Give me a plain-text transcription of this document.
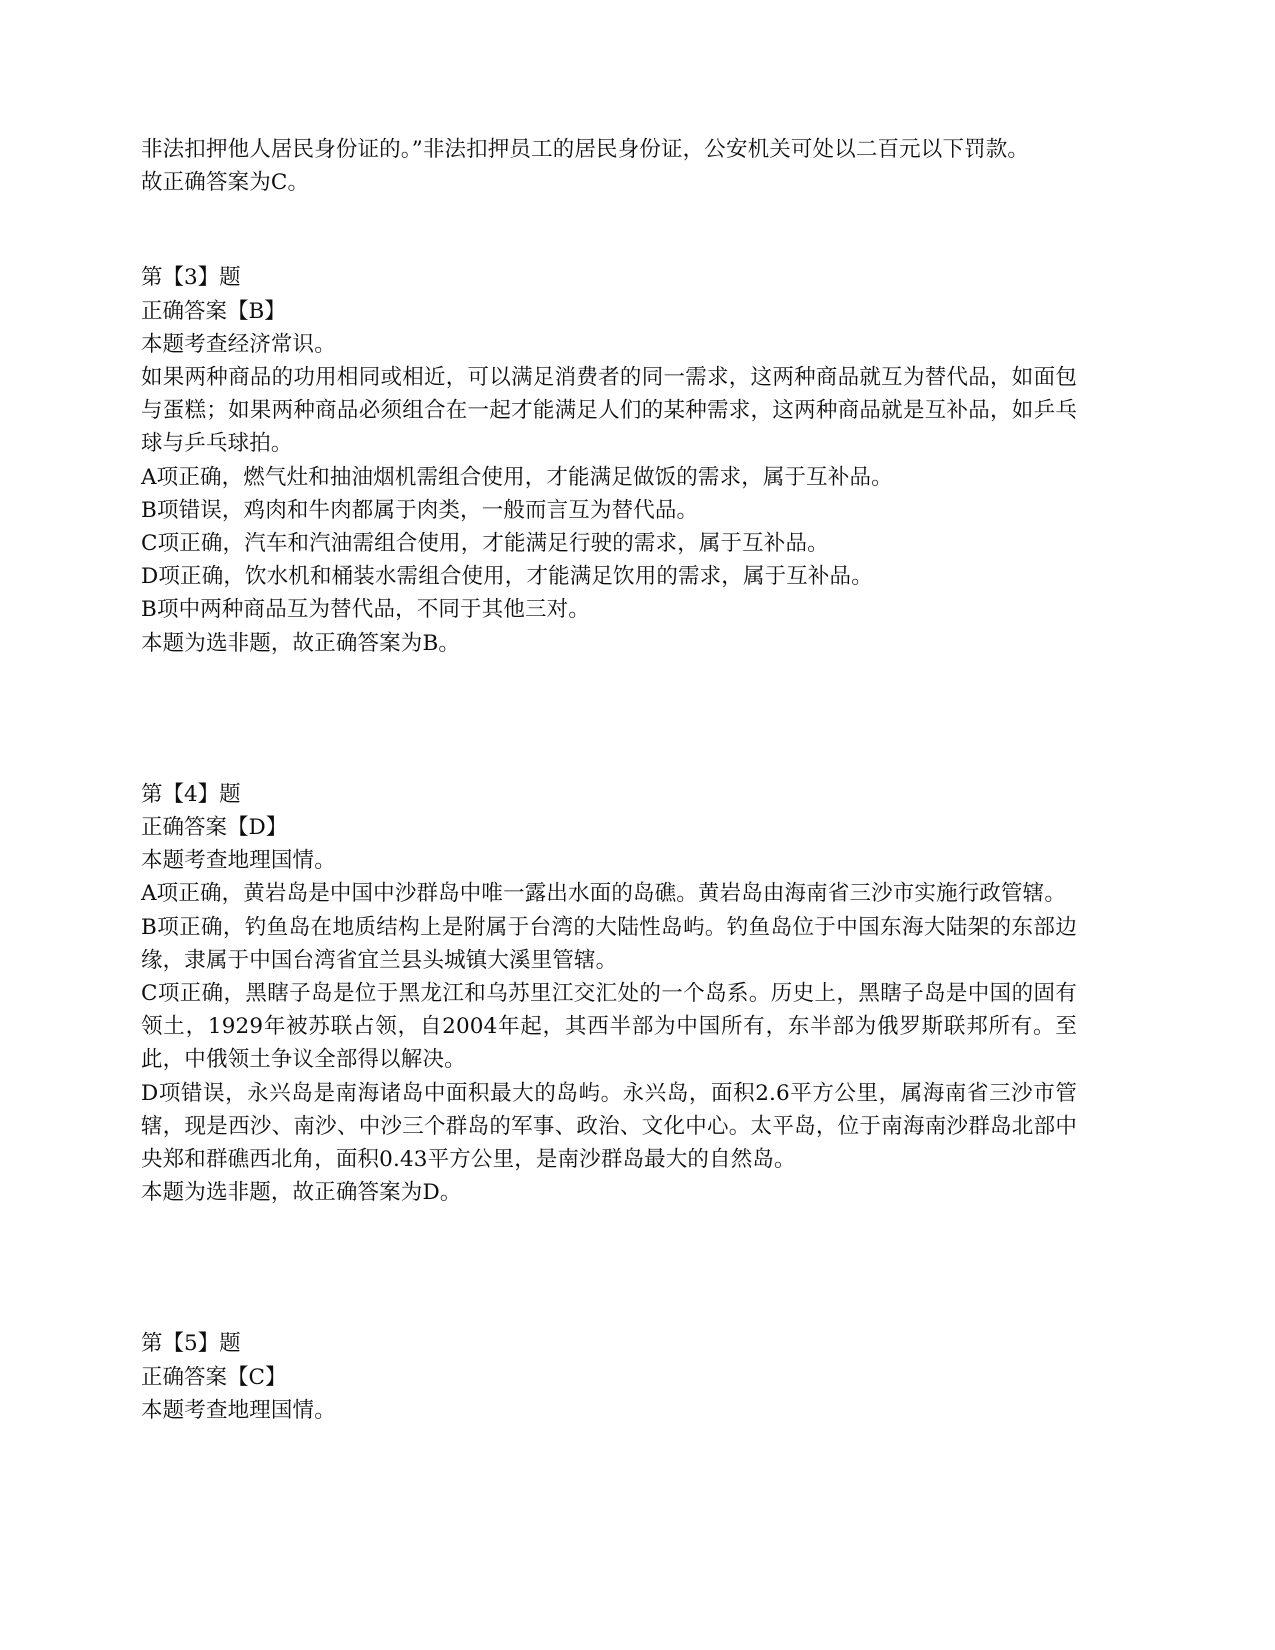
非法扣押他人居民身份证的。”非法扣押员工的居民身份证，公安机关可处以二百元以下罚款。

故正确答案为C。

第【3】题

正确答案【B】

本题考查经济常识。

如果两种商品的功用相同或相近，可以满足消费者的同一需求，这两种商品就互为替代品，如面包与蛋糕；如果两种商品必须组合在一起才能满足人们的某种需求，这两种商品就是互补品，如乒乓球与乒乓球拍。

A项正确，燃气灶和抽油烟机需组合使用，才能满足做饭的需求，属于互补品。

B项错误，鸡肉和牛肉都属于肉类，一般而言互为替代品。

C项正确，汽车和汽油需组合使用，才能满足行驶的需求，属于互补品。

D项正确，饮水机和桶装水需组合使用，才能满足饮用的需求，属于互补品。

B项中两种商品互为替代品，不同于其他三对。

本题为选非题，故正确答案为B。

第【4】题

正确答案【D】

本题考查地理国情。

A项正确，黄岩岛是中国中沙群岛中唯一露出水面的岛礁。黄岩岛由海南省三沙市实施行政管辖。

B项正确，钓鱼岛在地质结构上是附属于台湾的大陆性岛屿。钓鱼岛位于中国东海大陆架的东部边缘，隶属于中国台湾省宜兰县头城镇大溪里管辖。

C项正确，黑瞎子岛是位于黑龙江和乌苏里江交汇处的一个岛系。历史上，黑瞎子岛是中国的固有领土，1929年被苏联占领，自2004年起，其西半部为中国所有，东半部为俄罗斯联邦所有。至此，中俄领土争议全部得以解决。

D项错误，永兴岛是南海诸岛中面积最大的岛屿。永兴岛，面积2.6平方公里，属海南省三沙市管辖，现是西沙、南沙、中沙三个群岛的军事、政治、文化中心。太平岛，位于南海南沙群岛北部中央郑和群礁西北角，面积0.43平方公里，是南沙群岛最大的自然岛。

本题为选非题，故正确答案为D。

第【5】题

正确答案【C】

本题考查地理国情。
